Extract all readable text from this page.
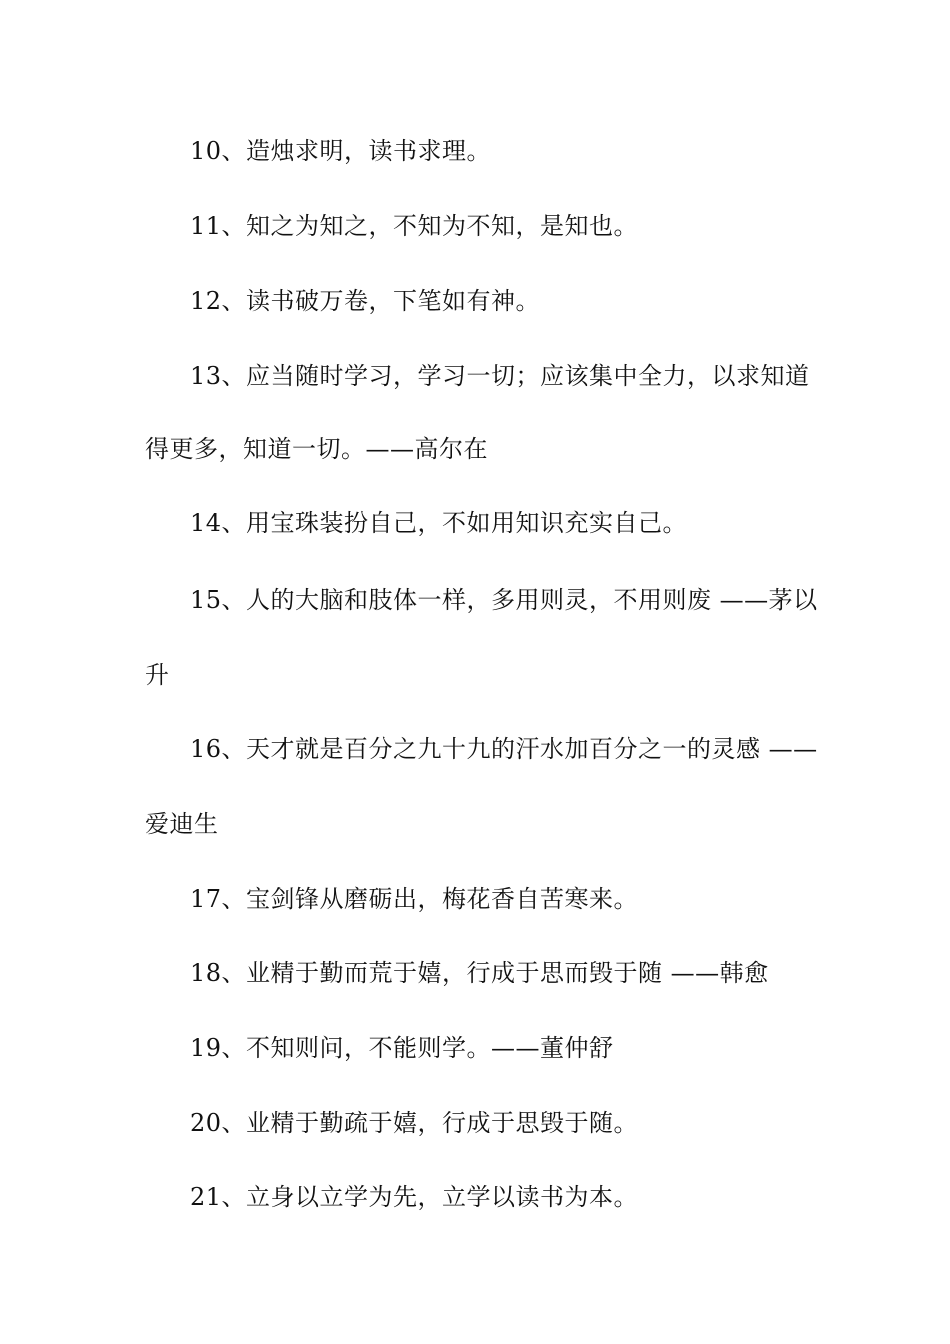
10、造烛求明，读书求理。
11、知之为知之，不知为不知，是知也。
12、读书破万卷，下笔如有神。
13、应当随时学习，学习一切；应该集中全力，以求知道
得更多，知道一切。——高尔在
14、用宝珠装扮自己，不如用知识充实自己。
15、人的大脑和肢体一样，多用则灵，不用则废 ——茅以
升
16、天才就是百分之九十九的汗水加百分之一的灵感 ——
爱迪生
17、宝剑锋从磨砺出，梅花香自苦寒来。
18、业精于勤而荒于嬉，行成于思而毁于随 ——韩愈
19、不知则问，不能则学。——董仲舒
20、业精于勤疏于嬉，行成于思毁于随。
21、立身以立学为先，立学以读书为本。
